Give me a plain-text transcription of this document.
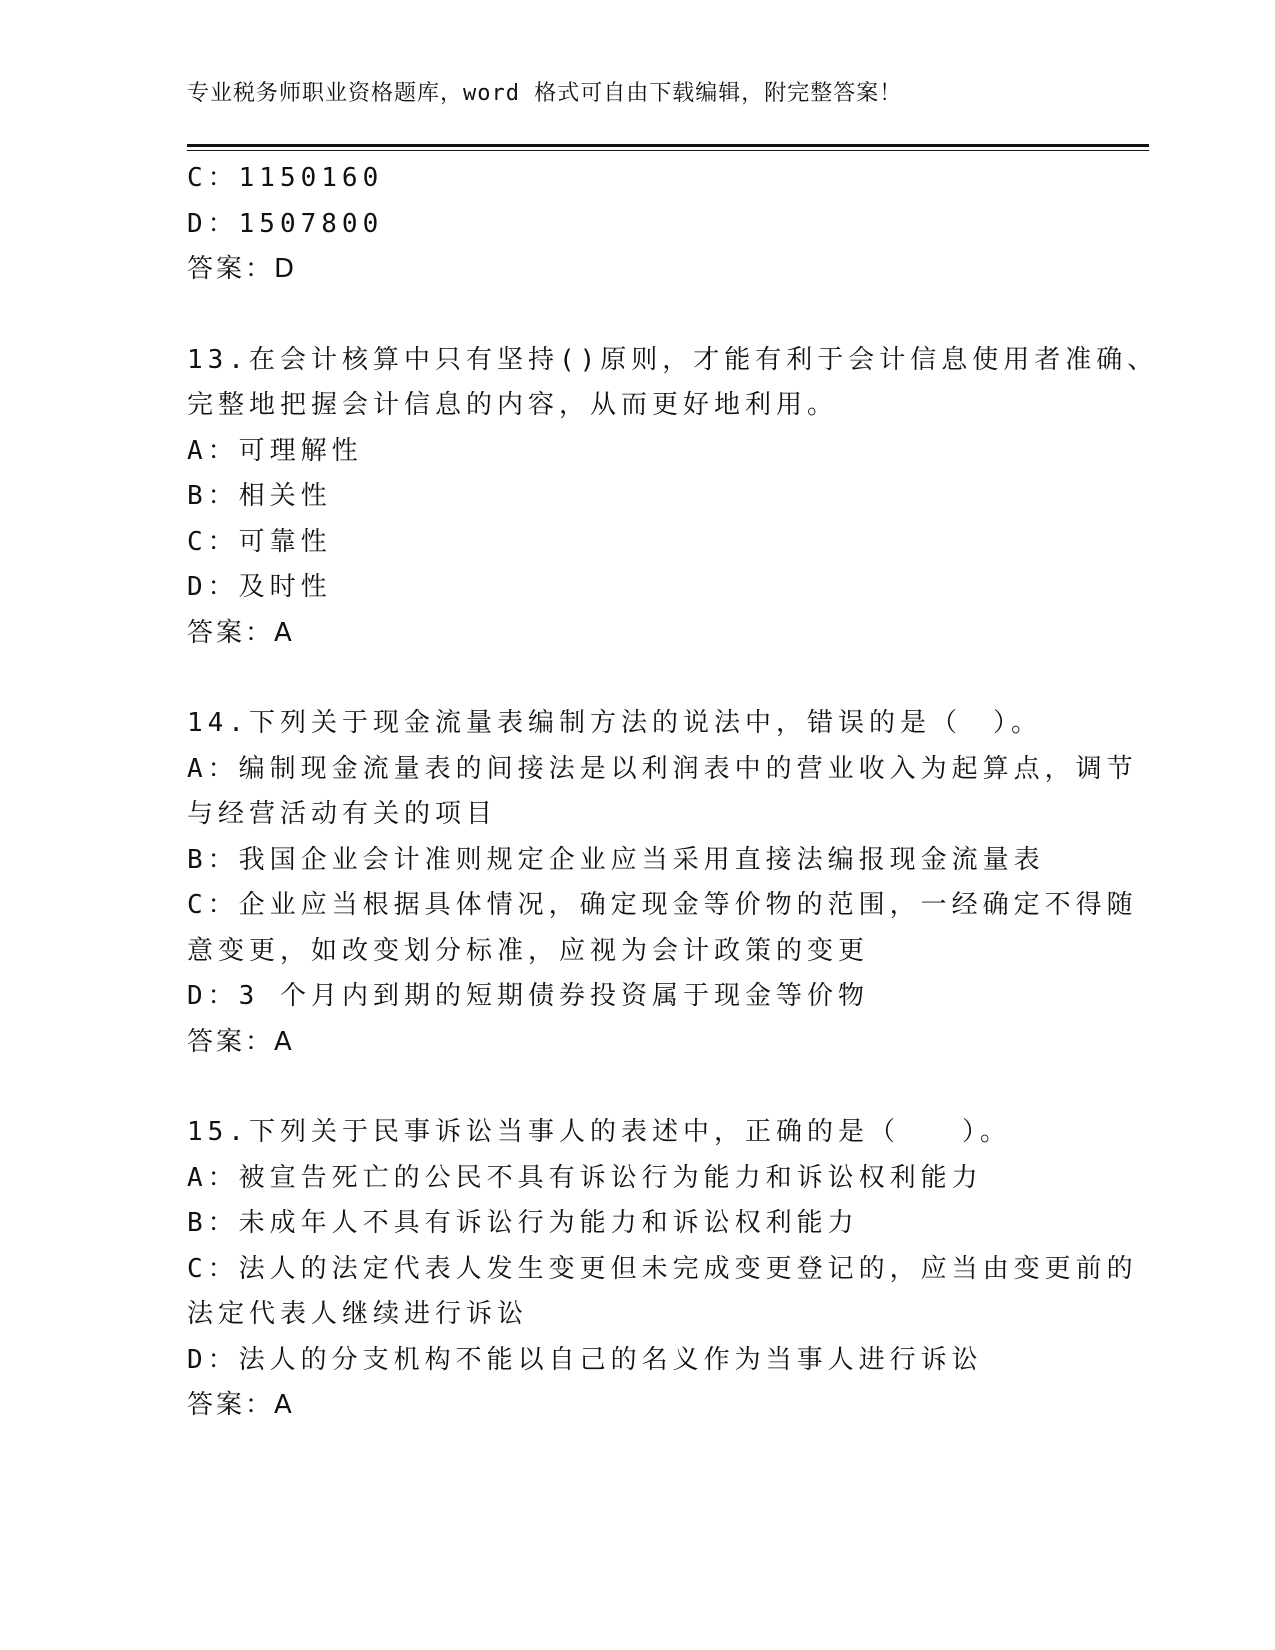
专业税务师职业资格题库，word 格式可自由下载编辑，附完整答案！
C：1150160
D：1507800
答案：D
13.在会计核算中只有坚持()原则，才能有利于会计信息使用者准确、
完整地把握会计信息的内容，从而更好地利用。
A：可理解性
B：相关性
C：可靠性
D：及时性
答案：A
14.下列关于现金流量表编制方法的说法中，错误的是（　）。
A：编制现金流量表的间接法是以利润表中的营业收入为起算点，调节
与经营活动有关的项目
B：我国企业会计准则规定企业应当采用直接法编报现金流量表
C：企业应当根据具体情况，确定现金等价物的范围，一经确定不得随
意变更，如改变划分标准，应视为会计政策的变更
D：3 个月内到期的短期债券投资属于现金等价物
答案：A
15.下列关于民事诉讼当事人的表述中，正确的是（　　）。
A：被宣告死亡的公民不具有诉讼行为能力和诉讼权利能力
B：未成年人不具有诉讼行为能力和诉讼权利能力
C：法人的法定代表人发生变更但未完成变更登记的，应当由变更前的
法定代表人继续进行诉讼
D：法人的分支机构不能以自己的名义作为当事人进行诉讼
答案：A
